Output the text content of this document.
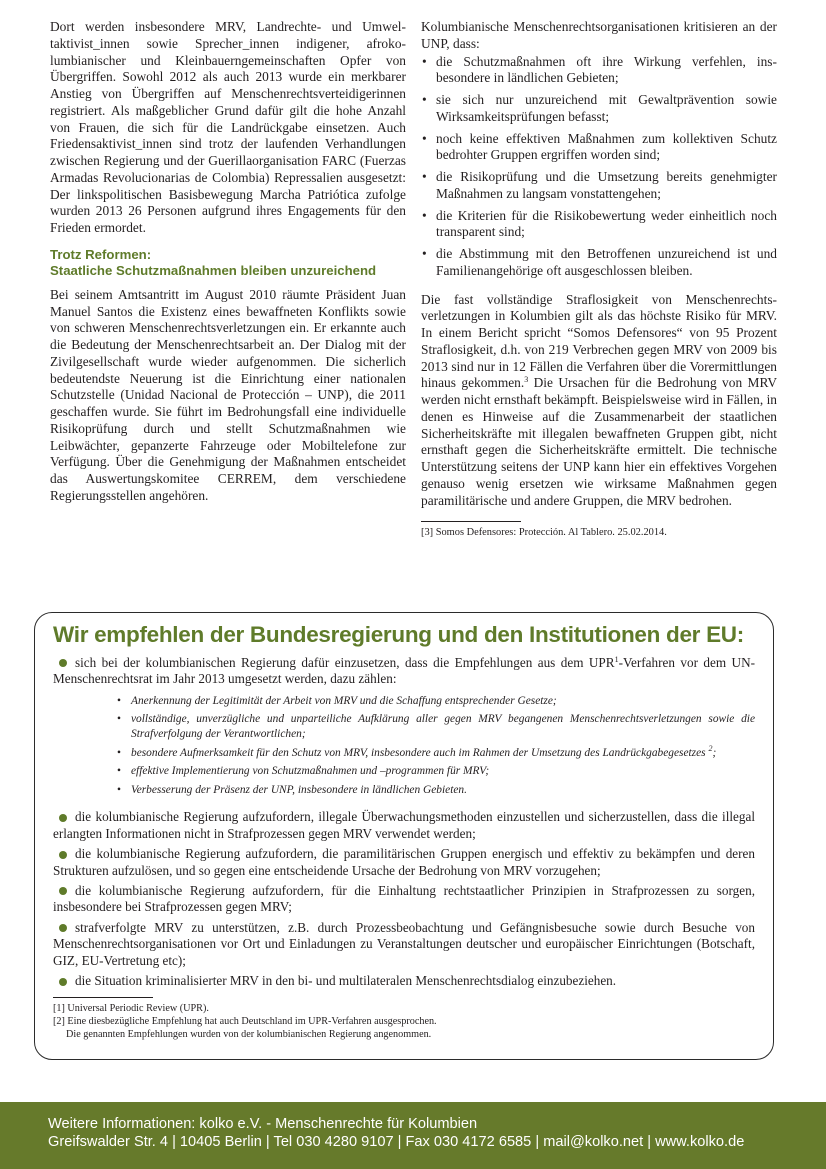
Dort werden insbesondere MRV, Landrechte- und Umweltaktivist_innen sowie Sprecher_innen indigener, afrokolumbianischer und Kleinbauerngemeinschaften Opfer von Übergriffen. Sowohl 2012 als auch 2013 wurde ein merkbarer Anstieg von Übergriffen auf Menschenrechtsverteidigerinnen registriert. Als maßgeblicher Grund dafür gilt die hohe Anzahl von Frauen, die sich für die Landrückgabe einsetzen. Auch Friedensaktivist_innen sind trotz der laufenden Verhandlungen zwischen Regierung und der Guerillaorganisation FARC (Fuerzas Armadas Revolucionarias de Colombia) Repressalien ausgesetzt: Der linkspolitischen Basisbewegung Marcha Patriótica zufolge wurden 2013 26 Personen aufgrund ihres Engagements für den Frieden ermordet.

Trotz Reformen:
Staatliche Schutzmaßnahmen bleiben unzureichend

Bei seinem Amtsantritt im August 2010 räumte Präsident Juan Manuel Santos die Existenz eines bewaffneten Konflikts sowie von schweren Menschenrechtsverletzungen ein. Er erkannte auch die Bedeutung der Menschenrechtsarbeit an. Der Dialog mit der Zivilgesellschaft wurde wieder aufgenommen. Die sicherlich bedeutendste Neuerung ist die Einrichtung einer nationalen Schutzstelle (Unidad Nacional de Protección – UNP), die 2011 geschaffen wurde. Sie führt im Bedrohungsfall eine individuelle Risikoprüfung durch und stellt Schutzmaßnahmen wie Leibwächter, gepanzerte Fahrzeuge oder Mobiltelefone zur Verfügung. Über die Genehmigung der Maßnahmen entscheidet das Auswertungskomitee CERREM, dem verschiedene Regierungsstellen angehören.

Kolumbianische Menschenrechtsorganisationen kritisieren an der UNP, dass:

• die Schutzmaßnahmen oft ihre Wirkung verfehlen, insbesondere in ländlichen Gebieten;
• sie sich nur unzureichend mit Gewaltprävention sowie Wirksamkeitsprüfungen befasst;
• noch keine effektiven Maßnahmen zum kollektiven Schutz bedrohter Gruppen ergriffen worden sind;
• die Risikoprüfung und die Umsetzung bereits genehmigter Maßnahmen zu langsam vonstattengehen;
• die Kriterien für die Risikobewertung weder einheitlich noch transparent sind;
• die Abstimmung mit den Betroffenen unzureichend ist und Familienangehörige oft ausgeschlossen bleiben.

Die fast vollständige Straflosigkeit von Menschenrechtsverletzungen in Kolumbien gilt als das höchste Risiko für MRV. In einem Bericht spricht “Somos Defensores“ von 95 Prozent Straflosigkeit, d.h. von 219 Verbrechen gegen MRV von 2009 bis 2013 sind nur in 12 Fällen die Verfahren über die Vorermittlungen hinaus gekommen.$^3$ Die Ursachen für die Bedrohung von MRV werden nicht ernsthaft bekämpft. Beispielsweise wird in Fällen, in denen es Hinweise auf die Zusammenarbeit der staatlichen Sicherheitskräfte mit illegalen bewaffneten Gruppen gibt, nicht ernsthaft gegen die Sicherheitskräfte ermittelt. Die technische Unterstützung seitens der UNP kann hier ein effektives Vorgehen genauso wenig ersetzen wie wirksame Maßnahmen gegen paramilitärische und andere Gruppen, die MRV bedrohen.

[3] Somos Defensores: Protección. Al Tablero. 25.02.2014.
Wir empfehlen der Bundesregierung und den Institutionen der EU:

sich bei der kolumbianischen Regierung dafür einzusetzen, dass die Empfehlungen aus dem UPR$^1$-Verfahren vor dem UN-Menschenrechtsrat im Jahr 2013 umgesetzt werden, dazu zählen:

• Anerkennung der Legitimität der Arbeit von MRV und die Schaffung entsprechender Gesetze;
• vollständige, unverzügliche und unparteiliche Aufklärung aller gegen MRV begangenen Menschenrechtsverletzungen sowie die Strafverfolgung der Verantwortlichen;
• besondere Aufmerksamkeit für den Schutz von MRV, insbesondere auch im Rahmen der Umsetzung des Landrückgabegesetzes $^2$;
• effektive Implementierung von Schutzmaßnahmen und –programmen für MRV;
• Verbesserung der Präsenz der UNP, insbesondere in ländlichen Gebieten.

die kolumbianische Regierung aufzufordern, illegale Überwachungsmethoden einzustellen und sicherzustellen, dass die illegal erlangten Informationen nicht in Strafprozessen gegen MRV verwendet werden;

die kolumbianische Regierung aufzufordern, die paramilitärischen Gruppen energisch und effektiv zu bekämpfen und deren Strukturen aufzulösen, und so gegen eine entscheidende Ursache der Bedrohung von MRV vorzugehen;

die kolumbianische Regierung aufzufordern, für die Einhaltung rechtstaatlicher Prinzipien in Strafprozessen zu sorgen, insbesondere bei Strafprozessen gegen MRV;

strafverfolgte MRV zu unterstützen, z.B. durch Prozessbeobachtung und Gefängnisbesuche sowie durch Besuche von Menschenrechtsorganisationen vor Ort und Einladungen zu Veranstaltungen deutscher und europäischer Einrichtungen (Botschaft, GIZ, EU-Vertretung etc);

die Situation kriminalisierter MRV in den bi- und multilateralen Menschenrechtsdialog einzubeziehen.

[1] Universal Periodic Review (UPR).

[2] Eine diesbezügliche Empfehlung hat auch Deutschland im UPR-Verfahren ausgesprochen.
Die genannten Empfehlungen wurden von der kolumbianischen Regierung angenommen.

Weitere Informationen: kolko e.V. - Menschenrechte für Kolumbien
Greifswalder Str. 4 | 10405 Berlin | Tel 030 4280 9107 | Fax 030 4172 6585 | mail@kolko.net | www.kolko.de
